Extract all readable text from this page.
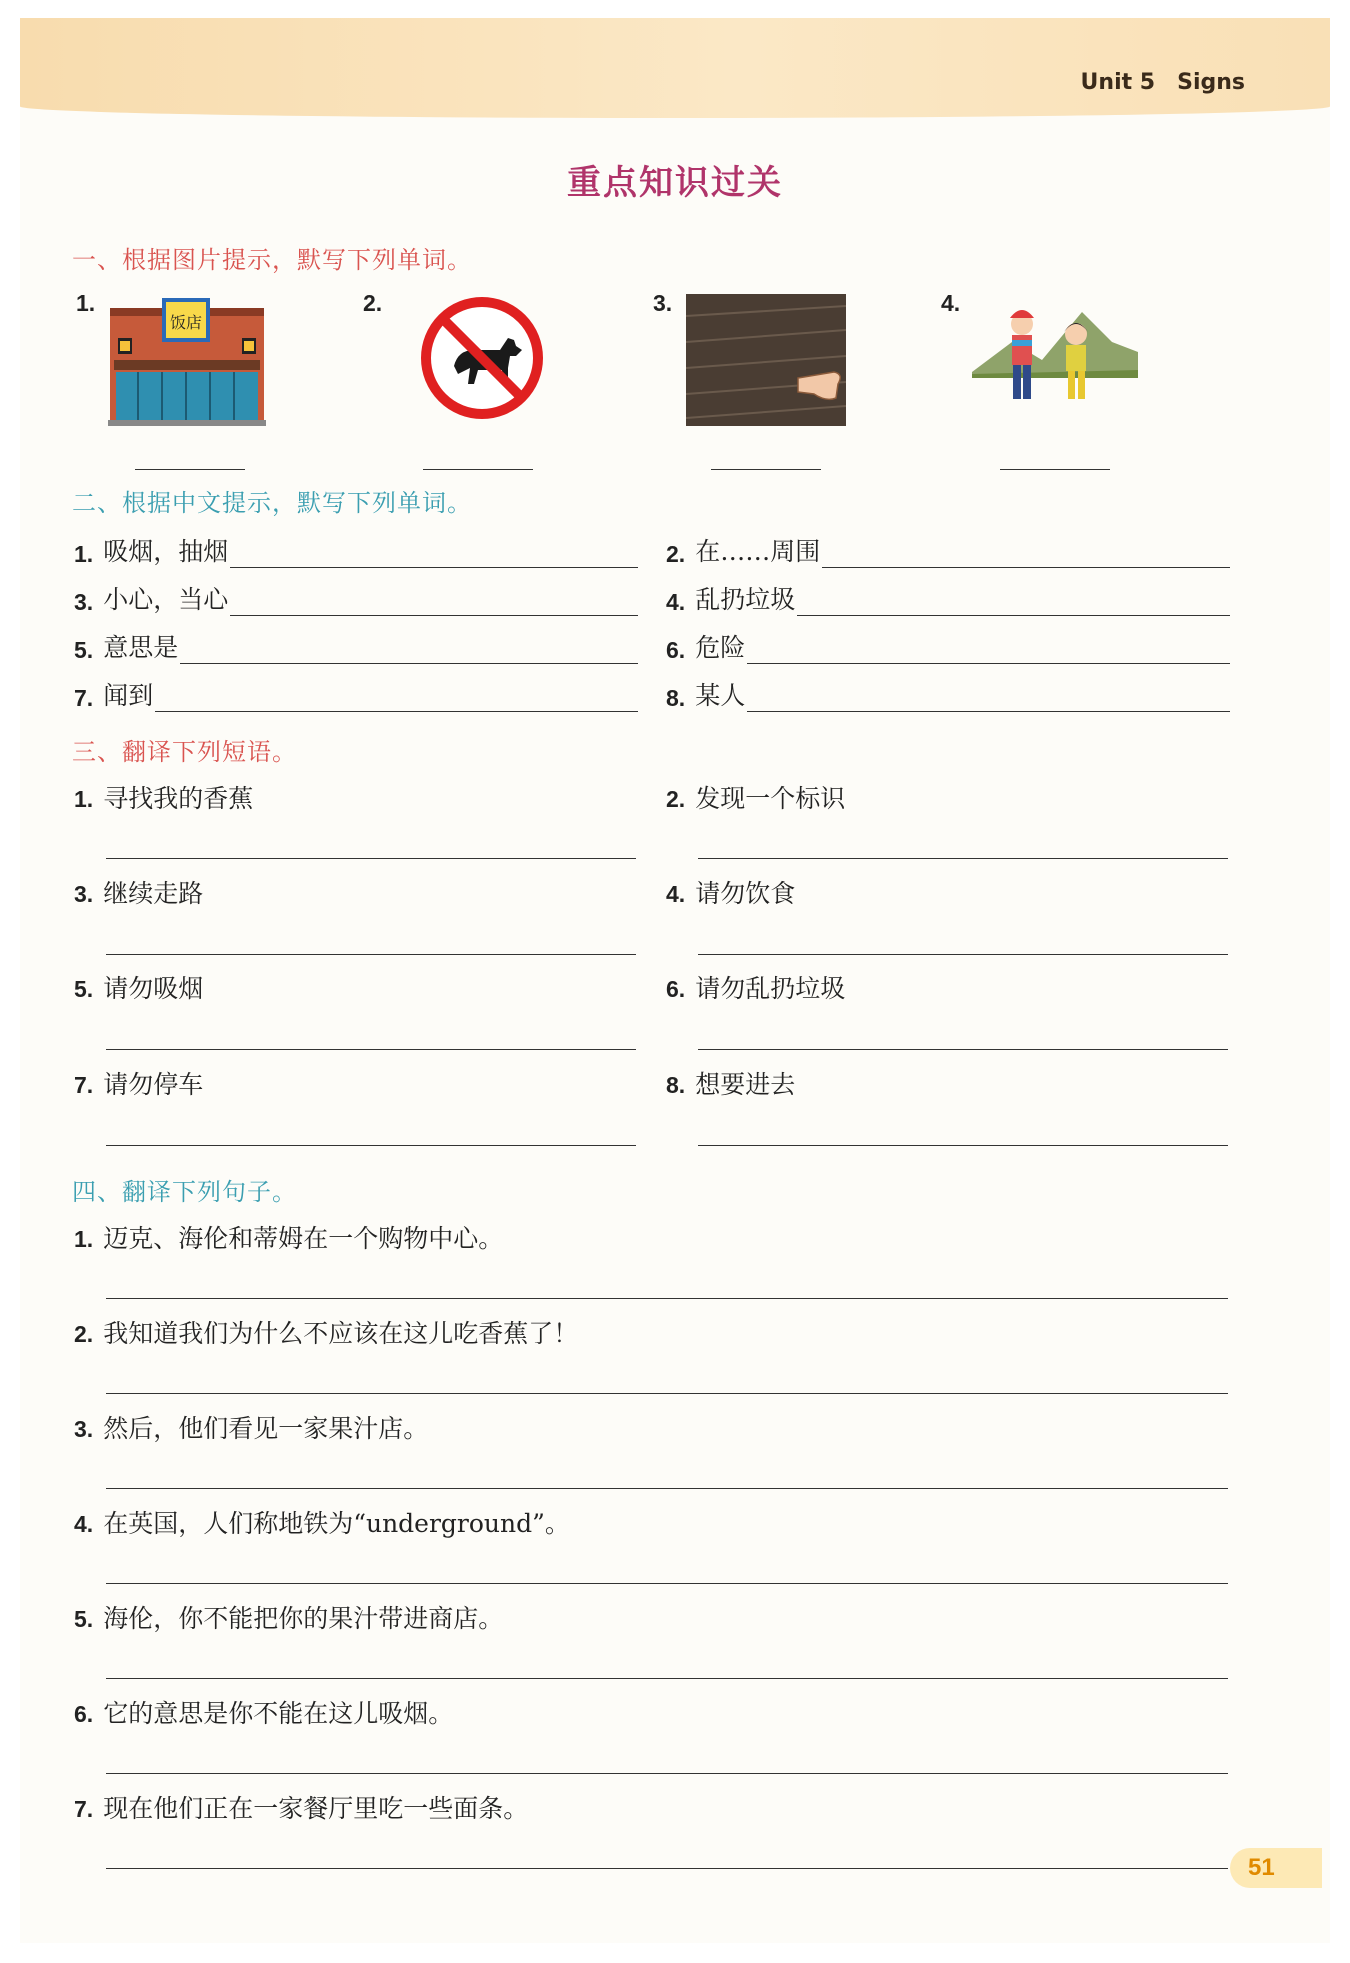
Unit 5 Signs
重点知识过关
一、根据图片提示，默写下列单词。
1.
饭店
2.	3.	4.
二、根据中文提示，默写下列单词。
1. 吸烟，抽烟	2. 在……周围
3. 小心，当心	4. 乱扔垃圾
5. 意思是	6. 危险
7. 闻到	8. 某人
三、翻译下列短语。
1. 寻找我的香蕉	2. 发现一个标识
3. 继续走路	4. 请勿饮食
5. 请勿吸烟	6. 请勿乱扔垃圾
7. 请勿停车	8. 想要进去
四、翻译下列句子。
1. 迈克、海伦和蒂姆在一个购物中心。
2. 我知道我们为什么不应该在这儿吃香蕉了！
3. 然后，他们看见一家果汁店。
4. 在英国，人们称地铁为“underground”。
5. 海伦，你不能把你的果汁带进商店。
6. 它的意思是你不能在这儿吸烟。
7. 现在他们正在一家餐厅里吃一些面条。
51
